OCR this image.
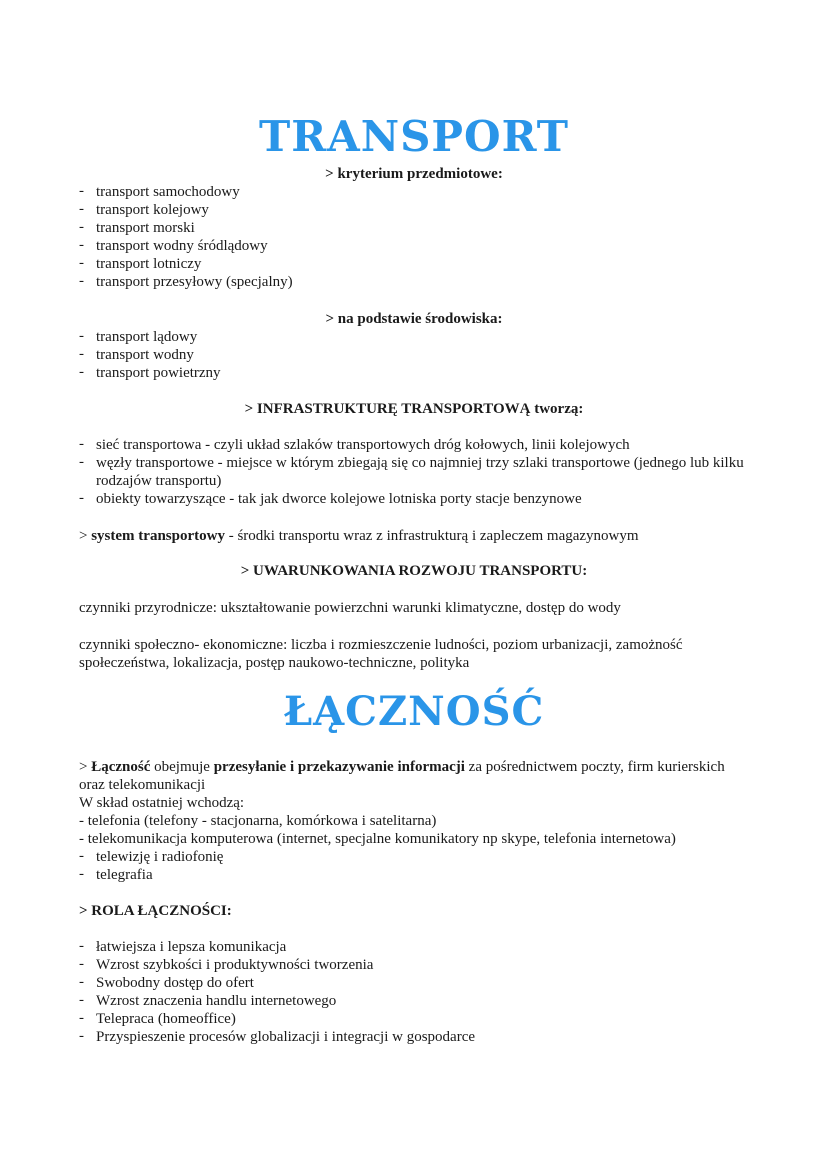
TRANSPORT

> kryterium przedmiotowe:

- transport samochodowy
- transport kolejowy
- transport morski
- transport wodny śródlądowy
- transport lotniczy
- transport przesyłowy (specjalny)

> na podstawie środowiska:

- transport lądowy
- transport wodny
- transport powietrzny

> INFRASTRUKTURĘ TRANSPORTOWĄ tworzą:

- sieć transportowa - czyli układ szlaków transportowych dróg kołowych, linii kolejowych
- węzły transportowe - miejsce w którym zbiegają się co najmniej trzy szlaki transportowe (jednego lub kilku rodzajów transportu)
- obiekty towarzyszące - tak jak dworce kolejowe lotniska porty stacje benzynowe

> system transportowy - środki transportu wraz z infrastrukturą i zapleczem magazynowym

> UWARUNKOWANIA ROZWOJU TRANSPORTU:

czynniki przyrodnicze: ukształtowanie powierzchni warunki klimatyczne, dostęp do wody

czynniki społeczno- ekonomiczne: liczba i rozmieszczenie ludności, poziom urbanizacji, zamożność społeczeństwa, lokalizacja, postęp naukowo-techniczne, polityka

ŁĄCZNOŚĆ

> Łączność obejmuje przesyłanie i przekazywanie informacji za pośrednictwem poczty, firm kurierskich oraz telekomunikacji

W skład ostatniej wchodzą:

- telefonia (telefony - stacjonarna, komórkowa i satelitarna)
- telekomunikacja komputerowa (internet, specjalne komunikatory np skype, telefonia internetowa)
- telewizję i radiofonię
- telegrafia

> ROLA ŁĄCZNOŚCI:

- łatwiejsza i lepsza komunikacja
- Wzrost szybkości i produktywności tworzenia
- Swobodny dostęp do ofert
- Wzrost znaczenia handlu internetowego
- Telepraca (homeoffice)
- Przyspieszenie procesów globalizacji i integracji w gospodarce
